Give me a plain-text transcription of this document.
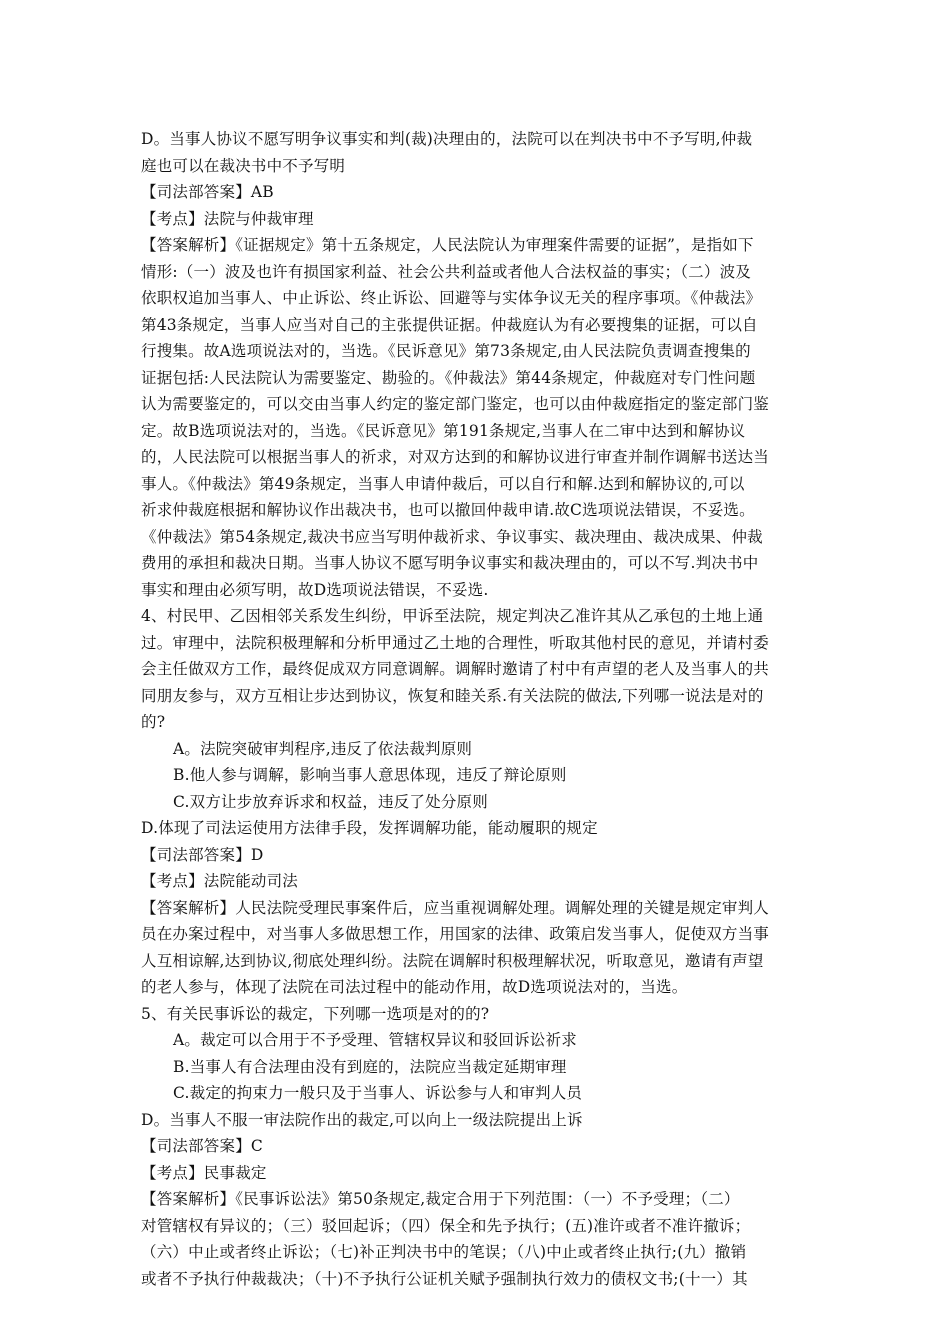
D。当事人协议不愿写明争议事实和判(裁)决理由的，法院可以在判决书中不予写明,仲裁
庭也可以在裁决书中不予写明
【司法部答案】AB
【考点】法院与仲裁审理
【答案解析】《证据规定》第十五条规定，人民法院认为审理案件需要的证据”，是指如下
情形:（一）波及也许有损国家利益、社会公共利益或者他人合法权益的事实；（二）波及
依职权追加当事人、中止诉讼、终止诉讼、回避等与实体争议无关的程序事项。《仲裁法》
第43条规定，当事人应当对自己的主张提供证据。仲裁庭认为有必要搜集的证据，可以自
行搜集。故A选项说法对的，当选。《民诉意见》第73条规定,由人民法院负责调查搜集的
证据包括:人民法院认为需要鉴定、勘验的。《仲裁法》第44条规定，仲裁庭对专门性问题
认为需要鉴定的，可以交由当事人约定的鉴定部门鉴定，也可以由仲裁庭指定的鉴定部门鉴
定。故B选项说法对的，当选。《民诉意见》第191条规定,当事人在二审中达到和解协议
的，人民法院可以根据当事人的祈求，对双方达到的和解协议进行审查并制作调解书送达当
事人。《仲裁法》第49条规定，当事人申请仲裁后，可以自行和解.达到和解协议的,可以
祈求仲裁庭根据和解协议作出裁决书，也可以撤回仲裁申请.故C选项说法错误，不妥选。
《仲裁法》第54条规定,裁决书应当写明仲裁祈求、争议事实、裁决理由、裁决成果、仲裁
费用的承担和裁决日期。当事人协议不愿写明争议事实和裁决理由的，可以不写.判决书中
事实和理由必须写明，故D选项说法错误，不妥选.
4、村民甲、乙因相邻关系发生纠纷，甲诉至法院，规定判决乙准许其从乙承包的土地上通
过。审理中，法院积极理解和分析甲通过乙土地的合理性，听取其他村民的意见，并请村委
会主任做双方工作，最终促成双方同意调解。调解时邀请了村中有声望的老人及当事人的共
同朋友参与，双方互相让步达到协议，恢复和睦关系.有关法院的做法,下列哪一说法是对的
的?
A。法院突破审判程序,违反了依法裁判原则
B.他人参与调解，影响当事人意思体现，违反了辩论原则
C.双方让步放弃诉求和权益，违反了处分原则
D.体现了司法运使用方法律手段，发挥调解功能，能动履职的规定
【司法部答案】D
【考点】法院能动司法
【答案解析】人民法院受理民事案件后，应当重视调解处理。调解处理的关键是规定审判人
员在办案过程中，对当事人多做思想工作，用国家的法律、政策启发当事人，促使双方当事
人互相谅解,达到协议,彻底处理纠纷。法院在调解时积极理解状况，听取意见，邀请有声望
的老人参与，体现了法院在司法过程中的能动作用，故D选项说法对的，当选。
5、有关民事诉讼的裁定，下列哪一选项是对的的?
A。裁定可以合用于不予受理、管辖权异议和驳回诉讼祈求
B.当事人有合法理由没有到庭的，法院应当裁定延期审理
C.裁定的拘束力一般只及于当事人、诉讼参与人和审判人员
D。当事人不服一审法院作出的裁定,可以向上一级法院提出上诉
【司法部答案】C
【考点】民事裁定
【答案解析】《民事诉讼法》第50条规定,裁定合用于下列范围：（一）不予受理；（二）
对管辖权有异议的；（三）驳回起诉；（四）保全和先予执行；(五)准许或者不准许撤诉；
（六）中止或者终止诉讼；（七)补正判决书中的笔误；（八)中止或者终止执行;(九）撤销
或者不予执行仲裁裁决；（十)不予执行公证机关赋予强制执行效力的债权文书;(十一）其
